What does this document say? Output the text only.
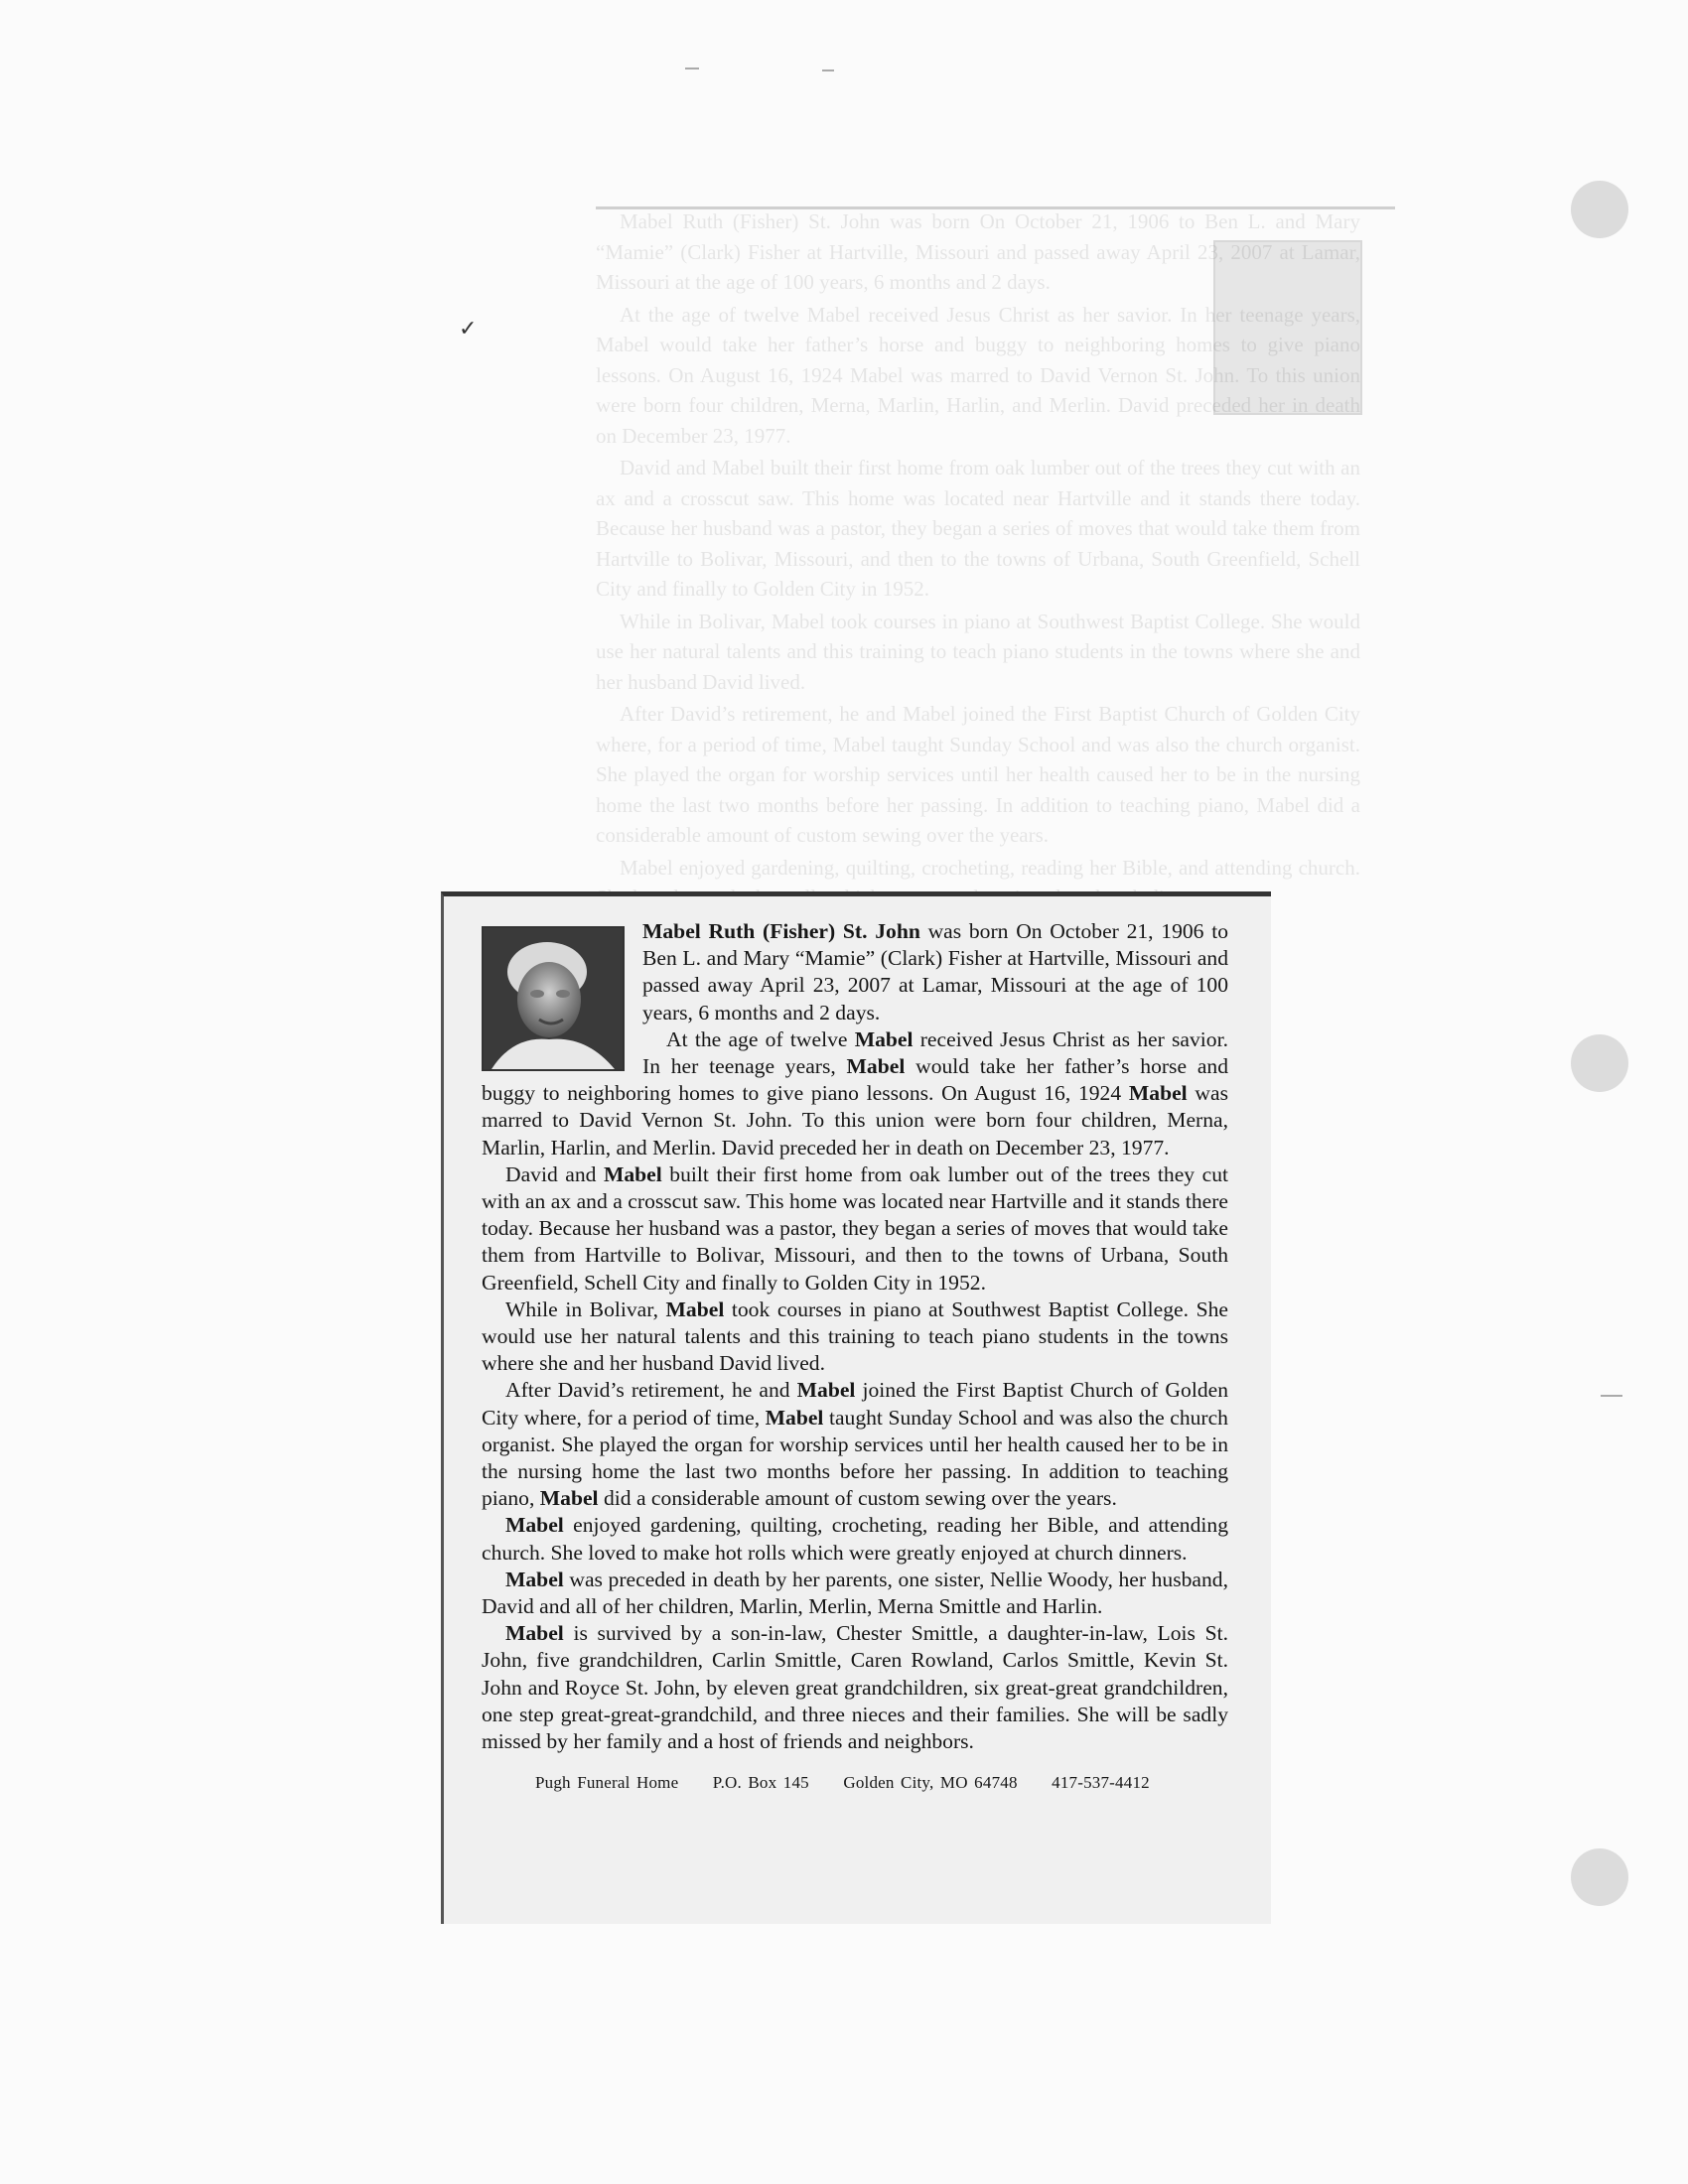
✓

Mabel Ruth (Fisher) St. John was born On October 21, 1906 to Ben L. and Mary “Mamie” (Clark) Fisher at Hartville, Missouri and passed away April 23, 2007 at Lamar, Missouri at the age of 100 years, 6 months and 2 days.

At the age of twelve Mabel received Jesus Christ as her savior. In her teenage years, Mabel would take her father’s horse and buggy to neighboring homes to give piano lessons. On August 16, 1924 Mabel was marred to David Vernon St. John. To this union were born four children, Merna, Marlin, Harlin, and Merlin. David preceded her in death on December 23, 1977.

David and Mabel built their first home from oak lumber out of the trees they cut with an ax and a crosscut saw. This home was located near Hartville and it stands there today. Because her husband was a pastor, they began a series of moves that would take them from Hartville to Bolivar, Missouri, and then to the towns of Urbana, South Greenfield, Schell City and finally to Golden City in 1952.

While in Bolivar, Mabel took courses in piano at Southwest Baptist College. She would use her natural talents and this training to teach piano students in the towns where she and her husband David lived.

After David’s retirement, he and Mabel joined the First Baptist Church of Golden City where, for a period of time, Mabel taught Sunday School and was also the church organist. She played the organ for worship services until her health caused her to be in the nursing home the last two months before her passing. In addition to teaching piano, Mabel did a considerable amount of custom sewing over the years.

Mabel enjoyed gardening, quilting, crocheting, reading her Bible, and attending church.

Mabel Ruth (Fisher) St. John was born On October 21, 1906 to Ben L. and Mary “Mamie” (Clark) Fisher at Hartville, Missouri and passed away April 23, 2007 at Lamar, Missouri at the age of 100 years, 6 months and 2 days.

At the age of twelve Mabel received Jesus Christ as her savior. In her teenage years, Mabel would take her father’s horse and buggy to neighboring homes to give piano lessons. On August 16, 1924 Mabel was marred to David Vernon St. John. To this union were born four children, Merna, Marlin, Harlin, and Merlin. David preceded her in death on December 23, 1977.

David and Mabel built their first home from oak lumber out of the trees they cut with an ax and a crosscut saw. This home was located near Hartville and it stands there today. Because her husband was a pastor, they began a series of moves that would take them from Hartville to Bolivar, Missouri, and then to the towns of Urbana, South Greenfield, Schell City and finally to Golden City in 1952.

While in Bolivar, Mabel took courses in piano at Southwest Baptist College. She would use her natural talents and this training to teach piano students in the towns where she and her husband David lived.

After David’s retirement, he and Mabel joined the First Baptist Church of Golden City where, for a period of time, Mabel taught Sunday School and was also the church organist. She played the organ for worship services until her health caused her to be in the nursing home the last two months before her passing. In addition to teaching piano, Mabel did a considerable amount of custom sewing over the years.

Mabel enjoyed gardening, quilting, crocheting, reading her Bible, and attending church. She loved to make hot rolls which were greatly enjoyed at church dinners.

Mabel was preceded in death by her parents, one sister, Nellie Woody, her husband, David and all of her children, Marlin, Merlin, Merna Smittle and Harlin.

Mabel is survived by a son-in-law, Chester Smittle, a daughter-in-law, Lois St. John, five grandchildren, Carlin Smittle, Caren Rowland, Carlos Smittle, Kevin St. John and Royce St. John, by eleven great grandchildren, six great-great grandchildren, one step great-great-grandchild, and three nieces and their families. She will be sadly missed by her family and a host of friends and neighbors.

Pugh Funeral Home P.O. Box 145 Golden City, MO 64748 417-537-4412
